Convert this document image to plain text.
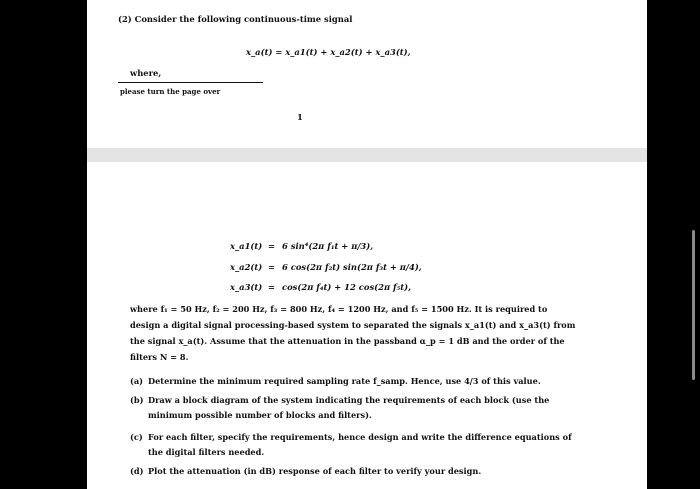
(2) Consider the following continuous-time signal
x_a(t) = x_a1(t) + x_a2(t) + x_a3(t),
where,
please turn the page over
1
x_a1(t) = 6 sin⁴(2π f₁t + π/3),
x_a2(t) = 6 cos(2π f₂t) sin(2π f₃t + π/4),
x_a3(t) = cos(2π f₄t) + 12 cos(2π f₅t),
where f₁ = 50 Hz, f₂ = 200 Hz, f₃ = 800 Hz, f₄ = 1200 Hz, and f₅ = 1500 Hz. It is required to
design a digital signal processing-based system to separated the signals x_a1(t) and x_a3(t) from
the signal x_a(t). Assume that the attenuation in the passband α_p = 1 dB and the order of the
filters N = 8.
(a) Determine the minimum required sampling rate f_samp. Hence, use 4/3 of this value.
(b) Draw a block diagram of the system indicating the requirements of each block (use the
minimum possible number of blocks and filters).
(c) For each filter, specify the requirements, hence design and write the difference equations of
the digital filters needed.
(d) Plot the attenuation (in dB) response of each filter to verify your design.
